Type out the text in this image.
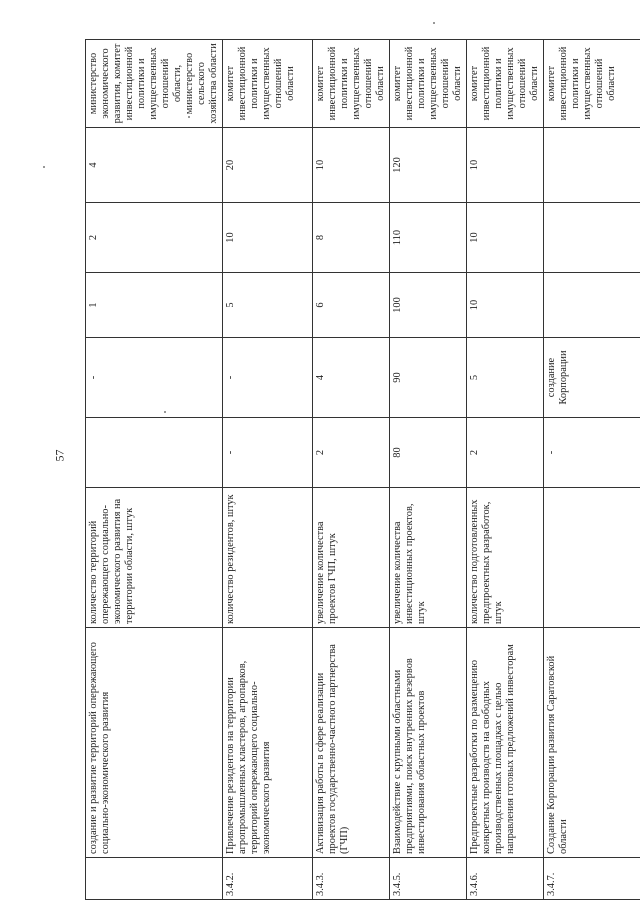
57
	создание и развитие территорий опережающего социально-экономического развития	количество территорий опережающего социально-экономического развития на территории области, штук		-	1	2	4	министерство экономического развития, комитет инвестиционной политики и имущественных отношений области, министерство сельского хозяйства области
3.4.2.	Привлечение резидентов на территории агропромышленных кластеров, агропарков, территорий опережающего социально-экономического развития	количество резидентов, штук	-	-	5	10	20	комитет инвестиционной политики и имущественных отношений области
3.4.3.	Активизация работы в сфере реализации проектов государственно-частного партнерства (ГЧП)	увеличение количества проектов ГЧП, штук	2	4	6	8	10	комитет инвестиционной политики и имущественных отношений области
3.4.5.	Взаимодействие с крупными областными предприятиями, поиск внутренних резервов инвестирования областных проектов	увеличение количества инвестиционных проектов, штук	80	90	100	110	120	комитет инвестиционной политики и имущественных отношений области
3.4.6.	Предпроектные разработки по размещению конкретных производств на свободных производственных площадках с целью направления готовых предложений инвесторам	количество подготовленных предпроектных разработок, штук	2	5	10	10	10	комитет инвестиционной политики и имущественных отношений области
3.4.7.	Создание Корпорации развития Саратовской области		-	создание Корпорации				комитет инвестиционной политики и имущественных отношений области
